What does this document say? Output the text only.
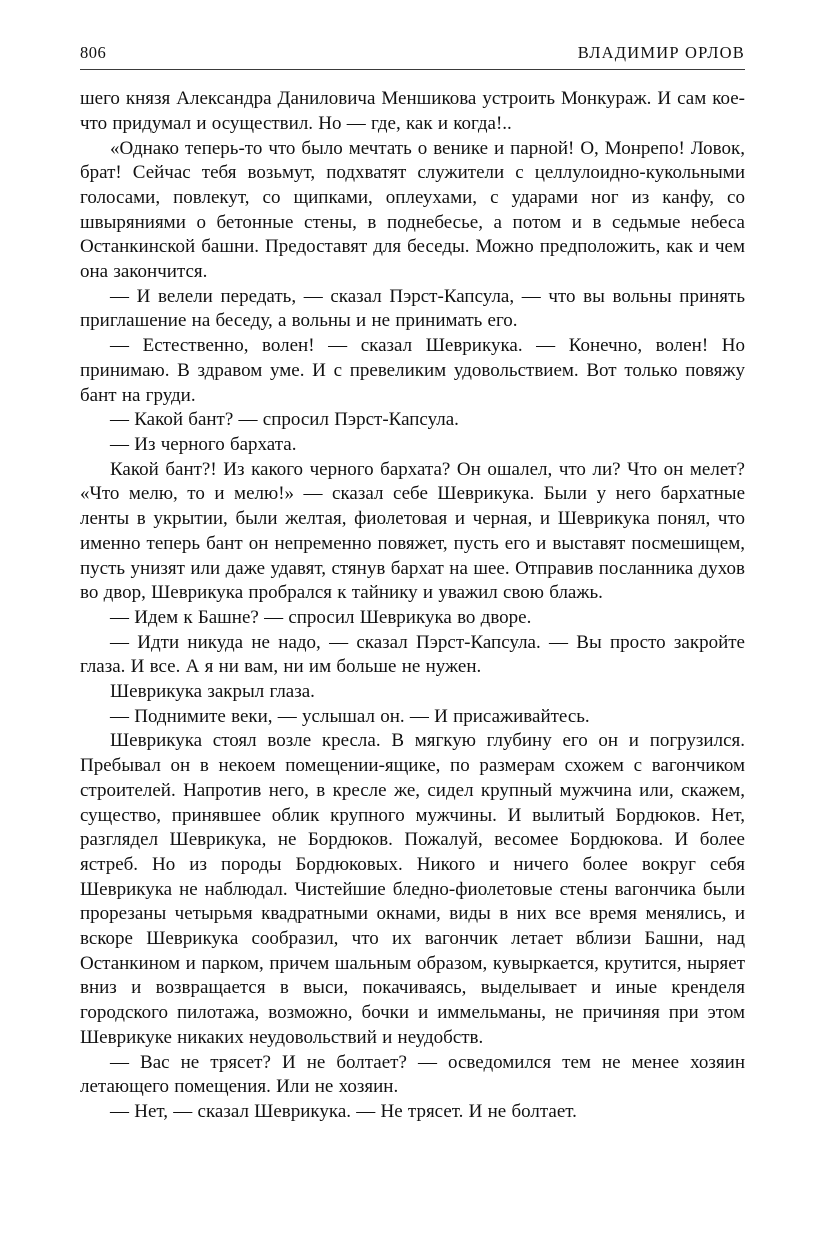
806	ВЛАДИМИР ОРЛОВ

шего князя Александра Даниловича Меншикова устроить Монкураж. И сам кое-что придумал и осуществил. Но — где, как и когда!..

«Однако теперь-то что было мечтать о венике и парной! О, Монрепо! Ловок, брат! Сейчас тебя возьмут, подхватят служители с целлулоидно-кукольными голосами, повлекут, со щипками, оплеухами, с ударами ног из канфу, со швыряниями о бетонные стены, в поднебесье, а потом и в седьмые небеса Останкинской башни. Предоставят для беседы. Можно предположить, как и чем она закончится.

— И велели передать, — сказал Пэрст-Капсула, — что вы вольны принять приглашение на беседу, а вольны и не принимать его.

— Естественно, волен! — сказал Шеврикука. — Конечно, волен! Но принимаю. В здравом уме. И с превеликим удовольствием. Вот только повяжу бант на груди.

— Какой бант? — спросил Пэрст-Капсула.

— Из черного бархата.

Какой бант?! Из какого черного бархата? Он ошалел, что ли? Что он мелет? «Что мелю, то и мелю!» — сказал себе Шеврикука. Были у него бархатные ленты в укрытии, были желтая, фиолетовая и черная, и Шеврикука понял, что именно теперь бант он непременно повяжет, пусть его и выставят посмешищем, пусть унизят или даже удавят, стянув бархат на шее. Отправив посланника духов во двор, Шеврикука пробрался к тайнику и уважил свою блажь.

— Идем к Башне? — спросил Шеврикука во дворе.

— Идти никуда не надо, — сказал Пэрст-Капсула. — Вы просто закройте глаза. И все. А я ни вам, ни им больше не нужен.

Шеврикука закрыл глаза.

— Поднимите веки, — услышал он. — И присаживайтесь.

Шеврикука стоял возле кресла. В мягкую глубину его он и погрузился. Пребывал он в некоем помещении-ящике, по размерам схожем с вагончиком строителей. Напротив него, в кресле же, сидел крупный мужчина или, скажем, существо, принявшее облик крупного мужчины. И вылитый Бордюков. Нет, разглядел Шеврикука, не Бордюков. Пожалуй, весомее Бордюкова. И более ястреб. Но из породы Бордюковых. Никого и ничего более вокруг себя Шеврикука не наблюдал. Чистейшие бледно-фиолетовые стены вагончика были прорезаны четырьмя квадратными окнами, виды в них все время менялись, и вскоре Шеврикука сообразил, что их вагончик летает вблизи Башни, над Останкином и парком, причем шальным образом, кувыркается, крутится, ныряет вниз и возвращается в выси, покачиваясь, выделывает и иные кренделя городского пилотажа, возможно, бочки и иммельманы, не причиняя при этом Шеврикуке никаких неудовольствий и неудобств.

— Вас не трясет? И не болтает? — осведомился тем не менее хозяин летающего помещения. Или не хозяин.

— Нет, — сказал Шеврикука. — Не трясет. И не болтает.
